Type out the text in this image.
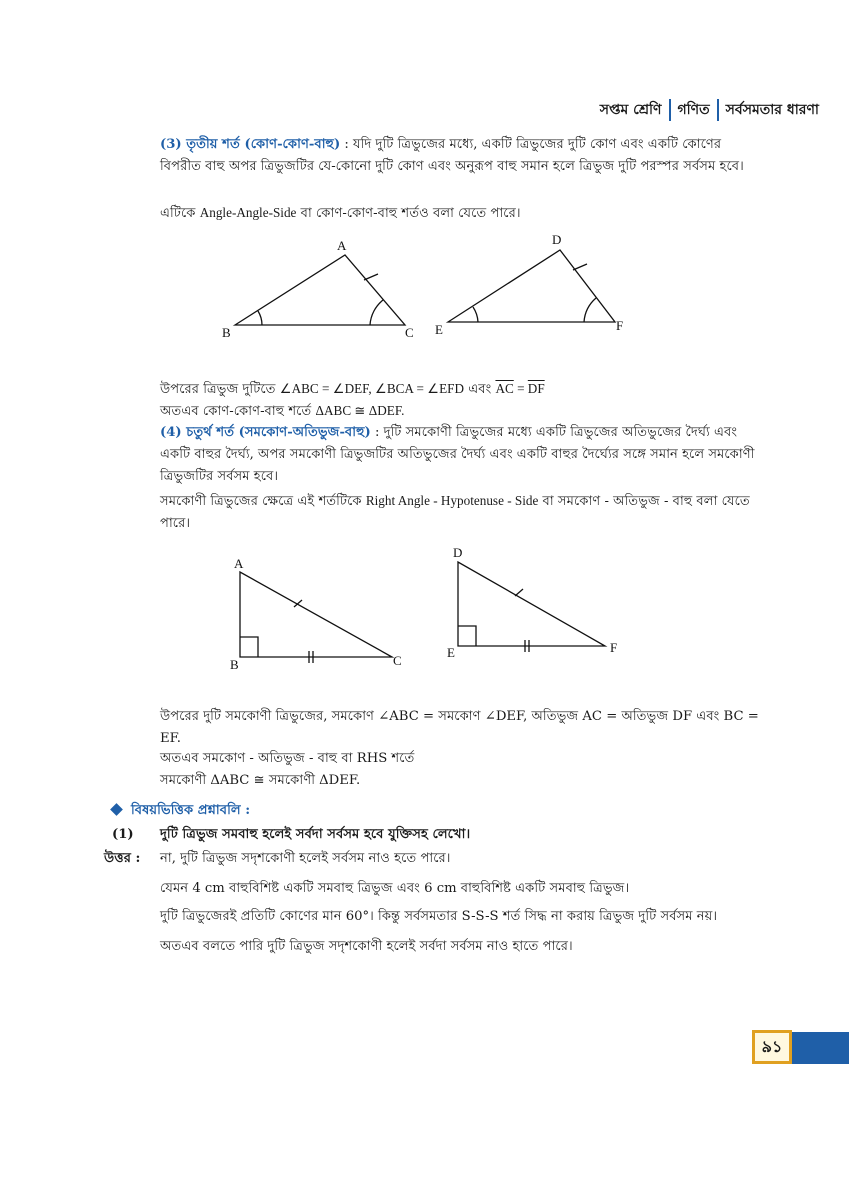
সপ্তম শ্রেণি গণিত সর্বসমতার ধারণা
(3) তৃতীয় শর্ত (কোণ-কোণ-বাহু) : যদি দুটি ত্রিভুজের মধ্যে, একটি ত্রিভুজের দুটি কোণ এবং একটি কোণের বিপরীত বাহু অপর ত্রিভুজটির যে-কোনো দুটি কোণ এবং অনুরূপ বাহু সমান হলে ত্রিভুজ দুটি পরস্পর সর্বসম হবে।
এটিকে Angle-Angle-Side বা কোণ-কোণ-বাহু শর্তও বলা যেতে পারে।
A
B	C
D
E	F
A
B	C
D
E	F
উপরের ত্রিভুজ দুটিতে ∠ABC = ∠DEF, ∠BCA = ∠EFD এবং $\overline{AC} = \overline{DF}$
অতএব কোণ-কোণ-বাহু শর্তে ΔABC ≅ ΔDEF.
(4) চতুর্থ শর্ত (সমকোণ-অতিভুজ-বাহু) : দুটি সমকোণী ত্রিভুজের মধ্যে একটি ত্রিভুজের অতিভুজের দৈর্ঘ্য এবং একটি বাহুর দৈর্ঘ্য, অপর সমকোণী ত্রিভুজটির অতিভুজের দৈর্ঘ্য এবং একটি বাহুর দৈর্ঘ্যের সঙ্গে সমান হলে সমকোণী ত্রিভুজটির সর্বসম হবে।
সমকোণী ত্রিভুজের ক্ষেত্রে এই শর্তটিকে Right Angle - Hypotenuse - Side বা সমকোণ - অতিভুজ - বাহু বলা যেতে পারে।
উপরের দুটি সমকোণী ত্রিভুজের, সমকোণ ∠ABC = সমকোণ ∠DEF, অতিভুজ AC = অতিভুজ DF এবং BC = EF.
অতএব সমকোণ - অতিভুজ - বাহু বা RHS শর্তে
সমকোণী ΔABC ≅ সমকোণী ΔDEF.
বিষয়ভিত্তিক প্রশ্নাবলি :
(1) দুটি ত্রিভুজ সমবাহু হলেই সর্বদা সর্বসম হবে যুক্তিসহ লেখো।
উত্তর : না, দুটি ত্রিভুজ সদৃশকোণী হলেই সর্বসম নাও হতে পারে।
যেমন 4 cm বাহুবিশিষ্ট একটি সমবাহু ত্রিভুজ এবং 6 cm বাহুবিশিষ্ট একটি সমবাহু ত্রিভুজ।
দুটি ত্রিভুজেরই প্রতিটি কোণের মান 60°। কিন্তু সর্বসমতার S-S-S শর্ত সিদ্ধ না করায় ত্রিভুজ দুটি সর্বসম নয়।
অতএব বলতে পারি দুটি ত্রিভুজ সদৃশকোণী হলেই সর্বদা সর্বসম নাও হাতে পারে।
৯১
